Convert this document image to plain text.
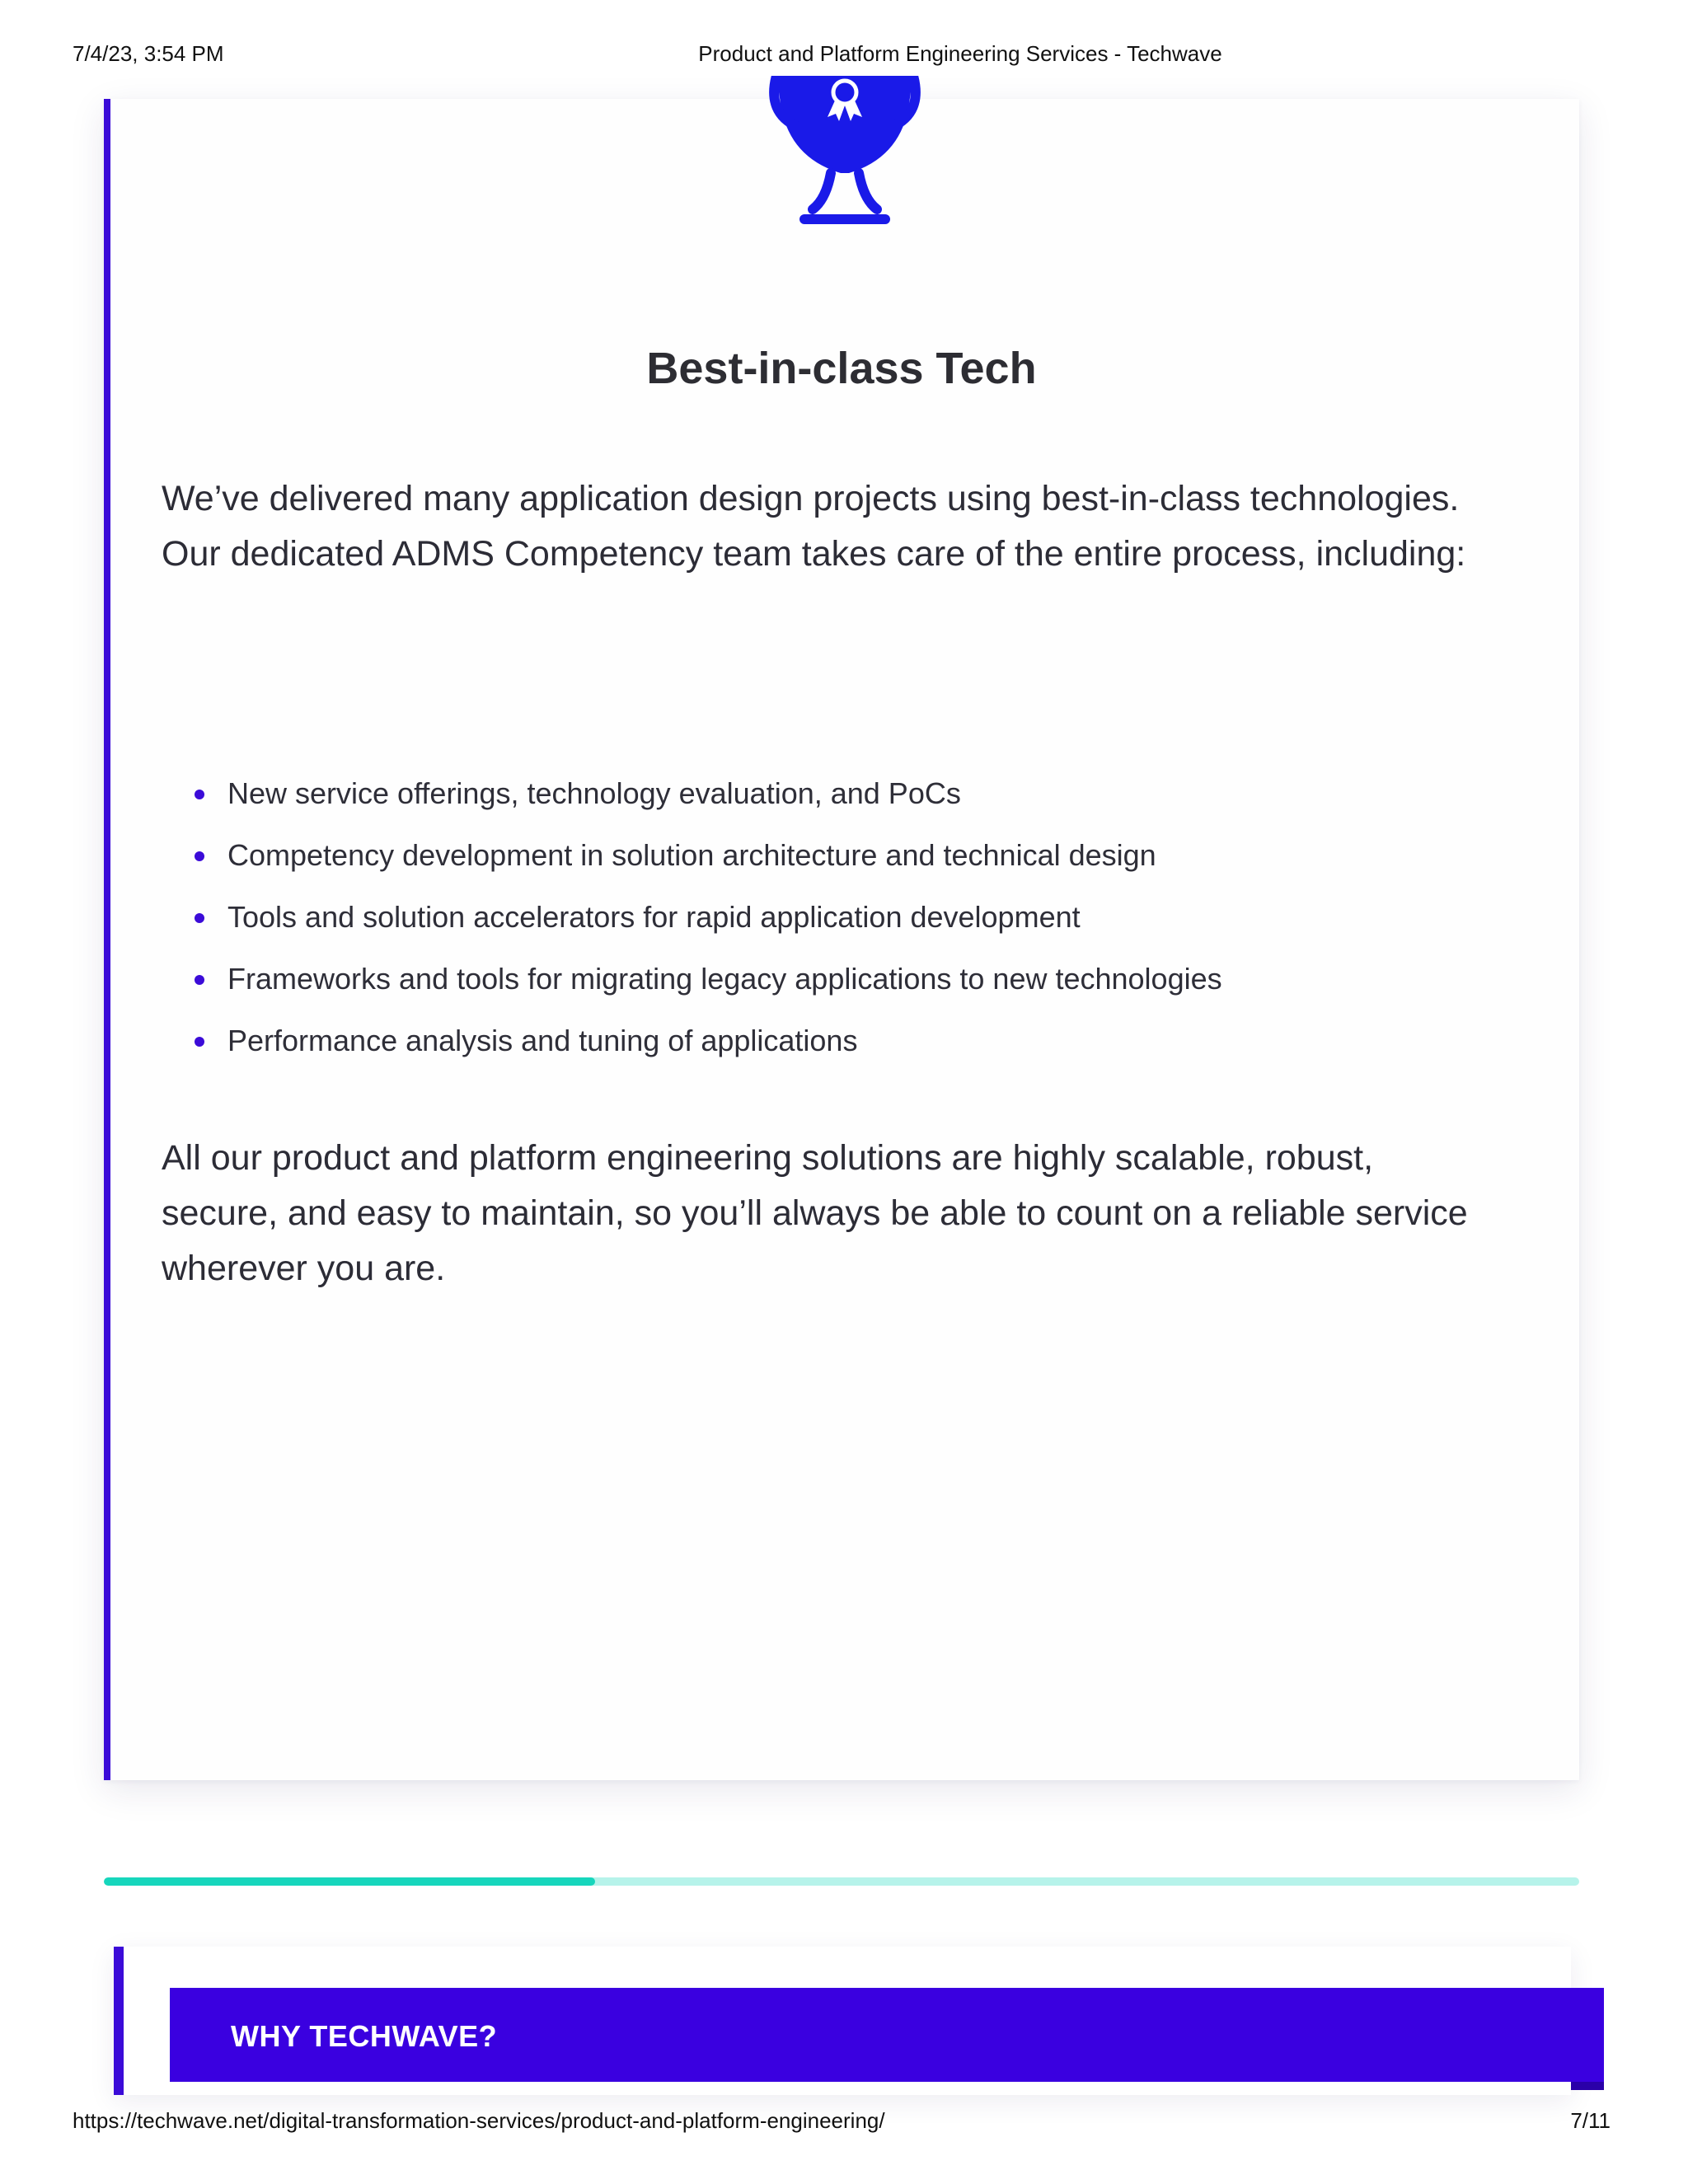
7/4/23, 3:54 PM	Product and Platform Engineering Services - Techwave
Best-in-class Tech
We’ve delivered many application design projects using best-in-class technologies.
Our dedicated ADMS Competency team takes care of the entire process, including:
New service offerings, technology evaluation, and PoCs
Competency development in solution architecture and technical design
Tools and solution accelerators for rapid application development
Frameworks and tools for migrating legacy applications to new technologies
Performance analysis and tuning of applications
All our product and platform engineering solutions are highly scalable, robust,
secure, and easy to maintain, so you’ll always be able to count on a reliable service
wherever you are.
WHY TECHWAVE?
https://techwave.net/digital-transformation-services/product-and-platform-engineering/	7/11
